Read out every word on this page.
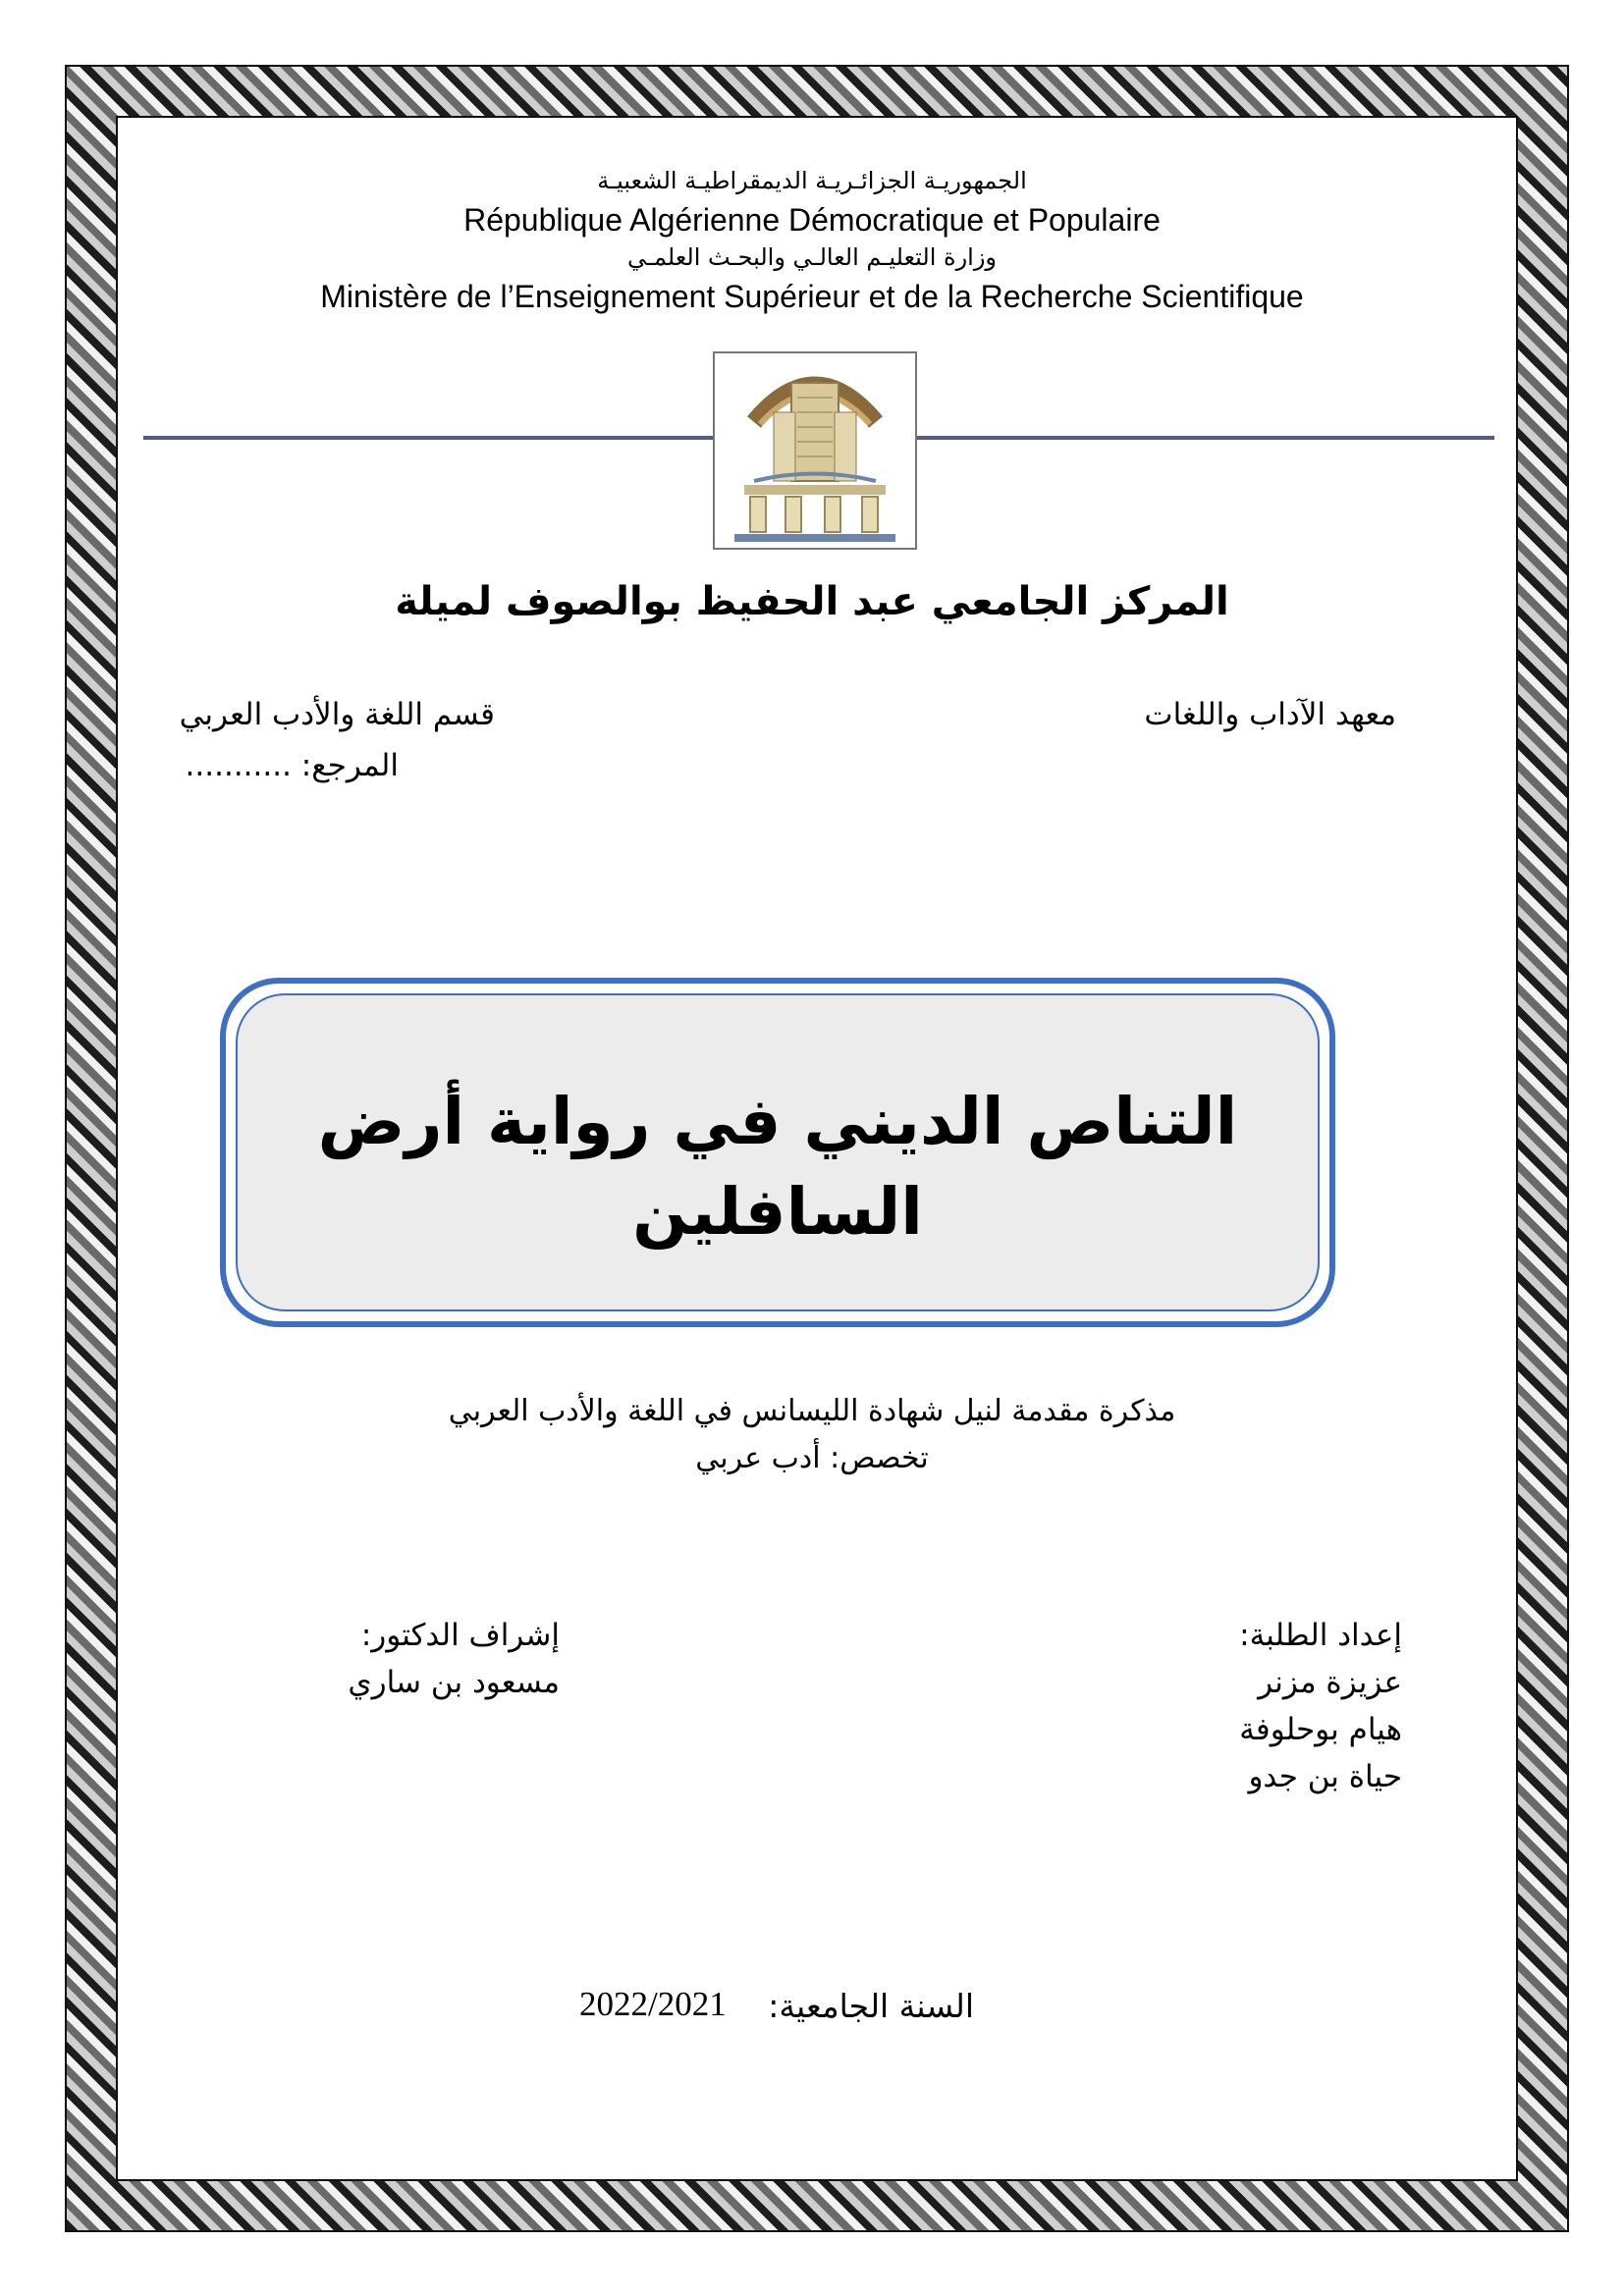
الجمهوريـة الجزائـريـة الديمقراطيـة الشعبيـة
République Algérienne Démocratique et Populaire
وزارة التعليـم العالـي والبحـث العلمـي
Ministère de l’Enseignement Supérieur et de la Recherche Scientifique
المركز الجامعي عبد الحفيظ بوالصوف لميلة
معهد الآداب واللغات
قسم اللغة والأدب العربي
المرجع: ...........
التناص الديني في رواية أرض
السافلين
مذكرة مقدمة لنيل شهادة الليسانس في اللغة والأدب العربي
تخصص: أدب عربي
إعداد الطلبة:
عزيزة مزنر
هيام بوحلوفة
حياة بن جدو
إشراف الدكتور:
مسعود بن ساري
السنة الجامعية:
2022/2021
